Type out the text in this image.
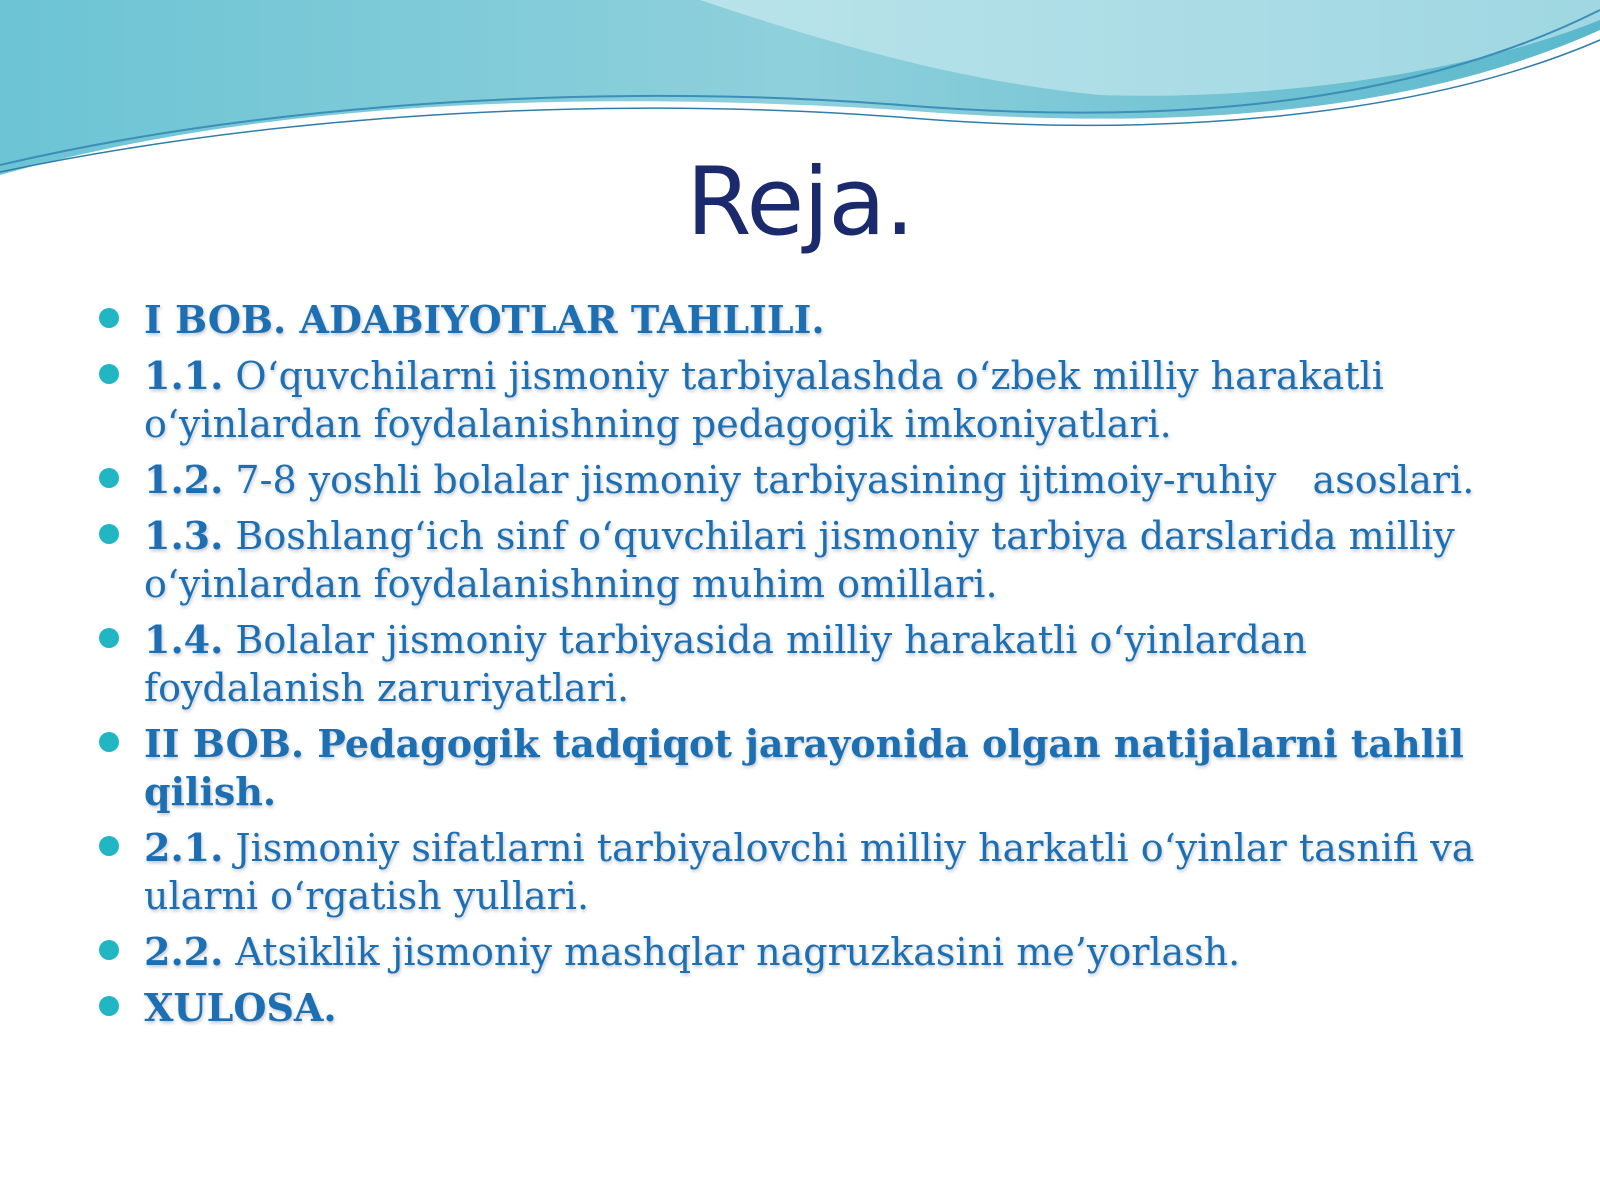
Reja.
I BOB. ADABIYOTLAR TAHLILI.
1.1. O‘quvchilarni jismoniy tarbiyalashda o‘zbek milliy harakatli o‘yinlardan foydalanishning pedagogik imkoniyatlari.
1.2. 7-8 yoshli bolalar jismoniy tarbiyasining ijtimoiy-ruhiy   asoslari.
1.3. Boshlang‘ich sinf o‘quvchilari jismoniy tarbiya darslarida milliy o‘yinlardan foydalanishning muhim omillari.
1.4. Bolalar jismoniy tarbiyasida milliy harakatli o‘yinlardan foydalanish zaruriyatlari.
II BOB. Pedagogik tadqiqot jarayonida olgan natijalarni tahlil qilish.
2.1. Jismoniy sifatlarni tarbiyalovchi milliy harkatli o‘yinlar tasnifi va ularni o‘rgatish yullari.
2.2. Atsiklik jismoniy mashqlar nagruzkasini me’yorlash.
XULOSA.
